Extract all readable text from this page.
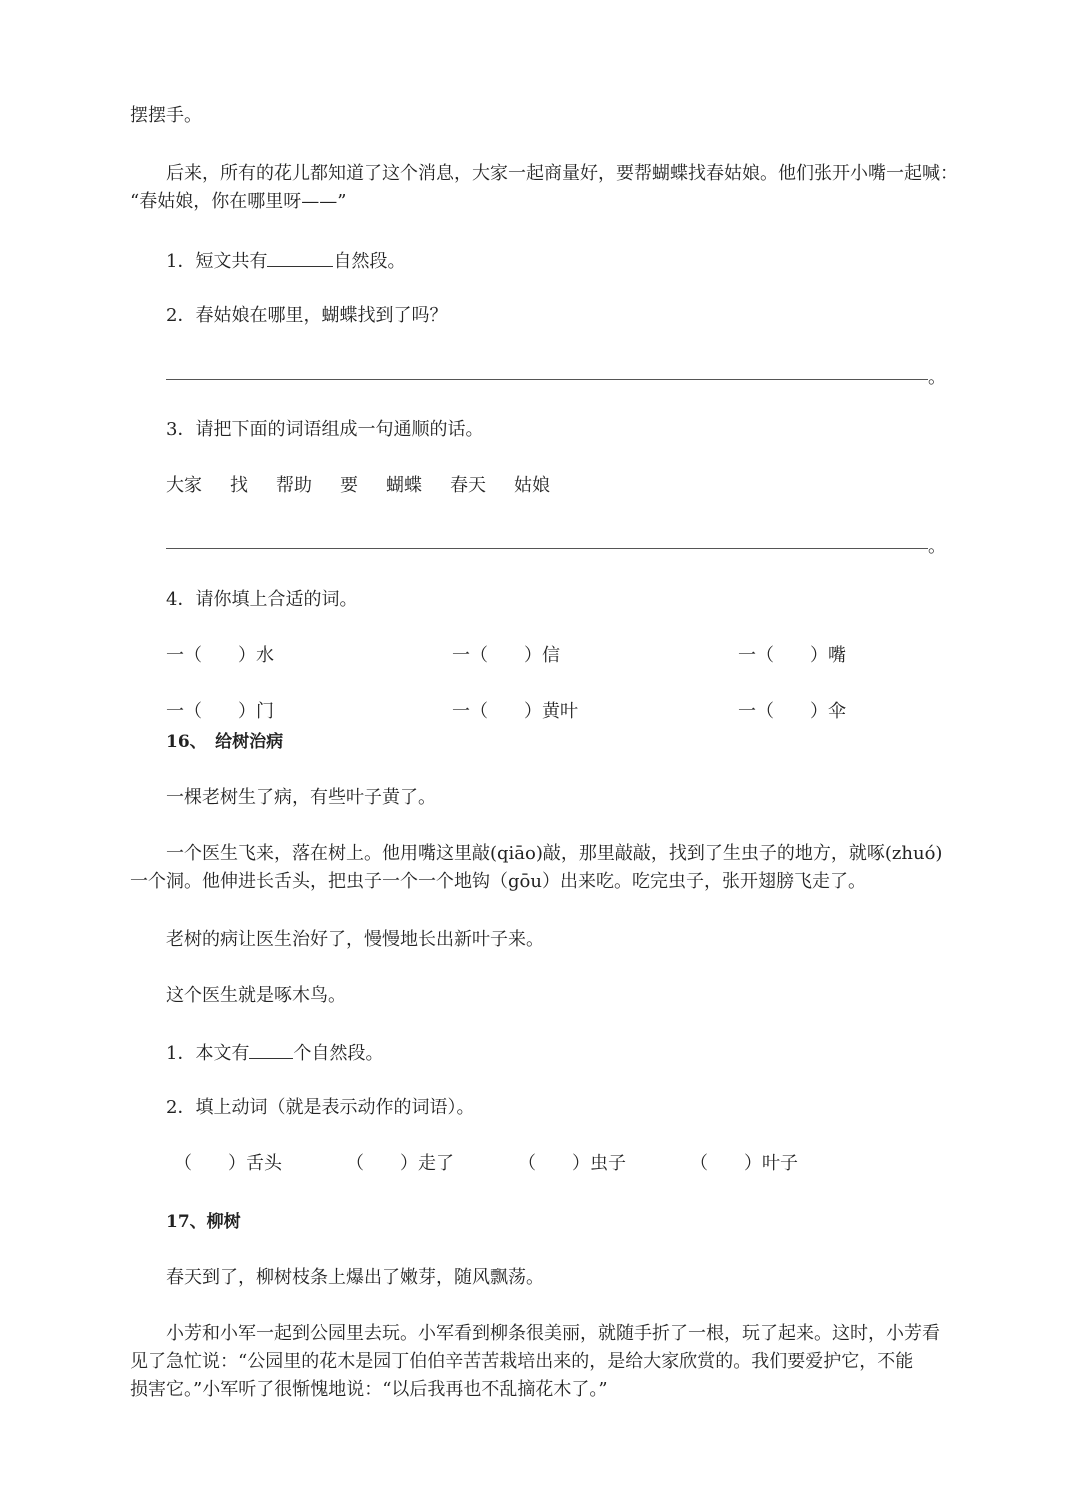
摆摆手。

后来，所有的花儿都知道了这个消息，大家一起商量好，要帮蝴蝶找春姑娘。他们张开小嘴一起喊：

“春姑娘，你在哪里呀——”

1．短文共有	自然段。

2．春姑娘在哪里，蝴蝶找到了吗？

。

3．请把下面的词语组成一句通顺的话。

大家 找 帮助 要 蝴蝶 春天 姑娘

。

4．请你填上合适的词。

一（　　）水	一（　　）信	一（　　）嘴
一（　　）门	一（　　）黄叶	一（　　）伞

16、　给树治病

一棵老树生了病，有些叶子黄了。

一个医生飞来，落在树上。他用嘴这里敲(qiāo)敲，那里敲敲，找到了生虫子的地方，就啄(zhuó)

一个洞。他伸进长舌头，把虫子一个一个地钩（gōu）出来吃。吃完虫子，张开翅膀飞走了。

老树的病让医生治好了，慢慢地长出新叶子来。

这个医生就是啄木鸟。

1．本文有 个自然段。

2．填上动词（就是表示动作的词语）。

（　　）舌头	（　　）走了	（　　）虫子	（　　）叶子

17、柳树

春天到了，柳树枝条上爆出了嫩芽，随风飘荡。

小芳和小军一起到公园里去玩。小军看到柳条很美丽，就随手折了一根，玩了起来。这时，小芳看

见了急忙说：“公园里的花木是园丁伯伯辛苦苦栽培出来的，是给大家欣赏的。我们要爱护它，不能

损害它。”小军听了很惭愧地说：“以后我再也不乱摘花木了。”
